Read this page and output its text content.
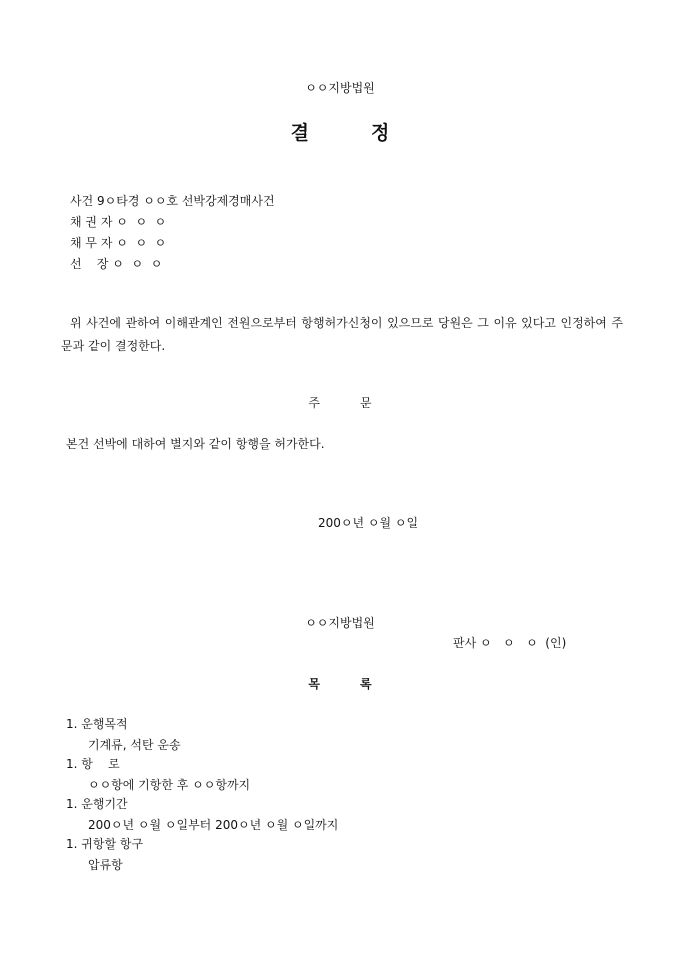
ㅇㅇ지방법원
결정
사건 9ㅇ타경 ㅇㅇ호 선박강제경매사건
채 권 자 ㅇ  ㅇ  ㅇ
채 무 자 ㅇ  ㅇ  ㅇ
선    장 ㅇ  ㅇ  ㅇ
위 사건에 관하여 이해관계인 전원으로부터 항행허가신청이 있으므로 당원은 그 이유 있다고 인정하여 주문과 같이 결정한다.
주문
본건 선박에 대하여 별지와 같이 항행을 허가한다.
200ㅇ년 ㅇ월 ㅇ일
ㅇㅇ지방법원
판사 ㅇ   ㅇ   ㅇ  (인)
목록
1. 운행목적
기계류, 석탄 운송
1. 항    로
ㅇㅇ항에 기항한 후 ㅇㅇ항까지
1. 운행기간
200ㅇ년 ㅇ월 ㅇ일부터 200ㅇ년 ㅇ월 ㅇ일까지
1. 귀항할 항구
압류항
